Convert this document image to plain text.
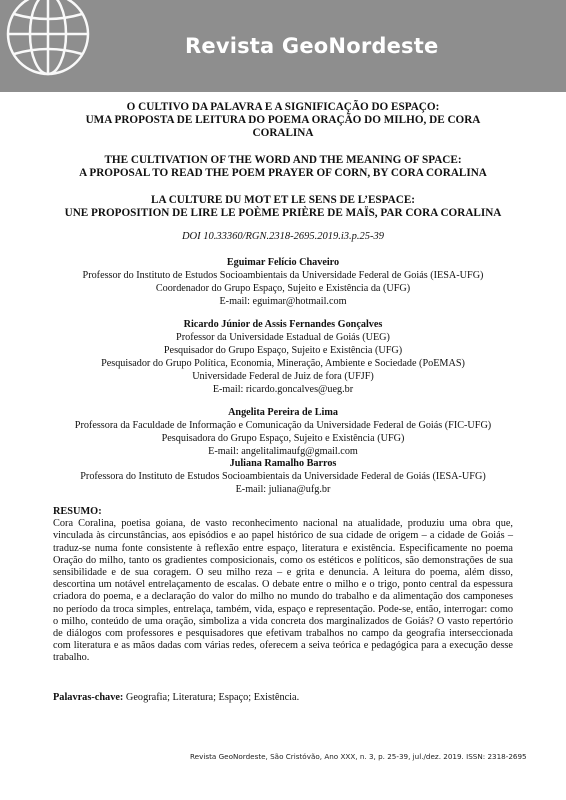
Revista GeoNordeste
O CULTIVO DA PALAVRA E A SIGNIFICAÇÃO DO ESPAÇO:
UMA PROPOSTA DE LEITURA DO POEMA ORAÇÃO DO MILHO, DE CORA
CORALINA
THE CULTIVATION OF THE WORD AND THE MEANING OF SPACE:
A PROPOSAL TO READ THE POEM PRAYER OF CORN, BY CORA CORALINA
LA CULTURE DU MOT ET LE SENS DE L’ESPACE:
UNE PROPOSITION DE LIRE LE POÈME PRIÈRE DE MAÏS, PAR CORA CORALINA
DOI 10.33360/RGN.2318-2695.2019.i3.p.25-39
Eguimar Felício Chaveiro
Professor do Instituto de Estudos Socioambientais da Universidade Federal de Goiás (IESA-UFG)
Coordenador do Grupo Espaço, Sujeito e Existência da (UFG)
E-mail: eguimar@hotmail.com
Ricardo Júnior de Assis Fernandes Gonçalves
Professor da Universidade Estadual de Goiás (UEG)
Pesquisador do Grupo Espaço, Sujeito e Existência (UFG)
Pesquisador do Grupo Política, Economia, Mineração, Ambiente e Sociedade (PoEMAS)
Universidade Federal de Juiz de fora (UFJF)
E-mail: ricardo.goncalves@ueg.br
Angelita Pereira de Lima
Professora da Faculdade de Informação e Comunicação da Universidade Federal de Goiás (FIC-UFG)
Pesquisadora do Grupo Espaço, Sujeito e Existência (UFG)
E-mail: angelitalimaufg@gmail.com
Juliana Ramalho Barros
Professora do Instituto de Estudos Socioambientais da Universidade Federal de Goiás (IESA-UFG)
E-mail: juliana@ufg.br
RESUMO:
Cora Coralina, poetisa goiana, de vasto reconhecimento nacional na atualidade, produziu uma obra que, vinculada às circunstâncias, aos episódios e ao papel histórico de sua cidade de origem – a cidade de Goiás – traduz-se numa fonte consistente à reflexão entre espaço, literatura e existência. Especificamente no poema Oração do milho, tanto os gradientes composicionais, como os estéticos e políticos, são demonstrações de sua sensibilidade e de sua coragem. O seu milho reza – e grita e denuncia. A leitura do poema, além disso, descortina um notável entrelaçamento de escalas. O debate entre o milho e o trigo, ponto central da espessura criadora do poema, e a declaração do valor do milho no mundo do trabalho e da alimentação dos camponeses no período da troca simples, entrelaça, também, vida, espaço e representação. Pode-se, então, interrogar: como o milho, conteúdo de uma oração, simboliza a vida concreta dos marginalizados de Goiás? O vasto repertório de diálogos com professores e pesquisadores que efetivam trabalhos no campo da geografia interseccionada com literatura e as mãos dadas com várias redes, oferecem a seiva teórica e pedagógica para a execução desse trabalho.
Palavras-chave: Geografia; Literatura; Espaço; Existência.
Revista GeoNordeste, São Cristóvão, Ano XXX, n. 3, p. 25-39, jul./dez. 2019. ISSN: 2318-2695
